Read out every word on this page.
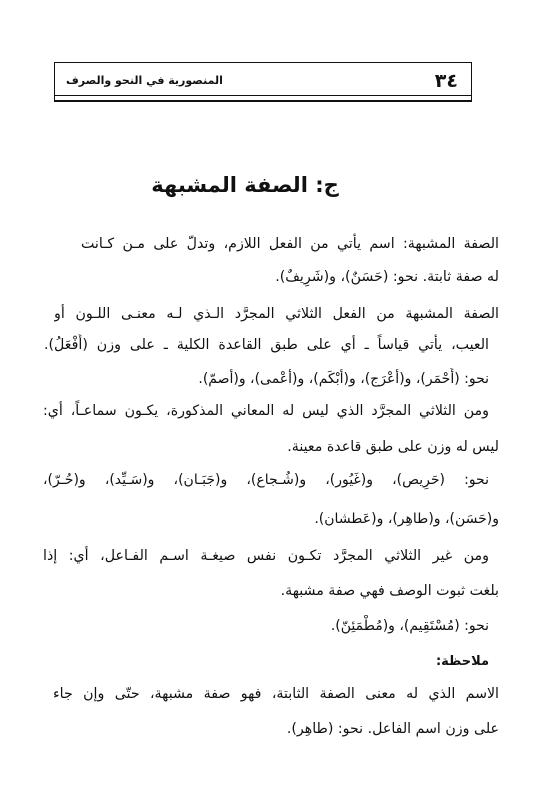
٣٤
المنصورية في النحو والصرف
ج: الصفة المشبهة
الصفة المشبهة: اسم يأتي من الفعل اللازم، وتدلّ على مـن كـانت
له صفة ثابتة. نحو: (حَسَنٌ)، و(شَرِيفٌ).
الصفة المشبهة من الفعل الثلاثي المجرَّد الـذي لـه معنـى اللـون أو
العيب، يأتي قياساً ـ أي على طبق القاعدة الكلية ـ على وزن (أَفْعَلُ).
نحو: (أَحْمَر)، و(أعْرَج)، و(أبْكَم)، و(أعْمى)، و(أصمّ).
ومن الثلاثي المجرَّد الذي ليس له المعاني المذكورة، يكـون سماعـاً، أي:
ليس له وزن على طبق قاعدة معينة.
نحو: (حَرِيص)، و(غَيُور)، و(شُـجاع)، و(جَبَـان)، و(سَـيِّد)، و(حُـرّ)،
و(حَسَن)، و(طاهِر)، و(عَطشان).
ومن غير الثلاثي المجرَّد تكـون نفس صيغـة اسـم الفـاعل، أي: إذا
بلغت ثبوت الوصف فهي صفة مشبهة.
نحو: (مُسْتَقِيم)، و(مُطْمَئِنّ).
ملاحظة:
الاسم الذي له معنى الصفة الثابتة، فهو صفة مشبهة، حتّى وإن جاء
على وزن اسم الفاعل. نحو: (طاهِر).
